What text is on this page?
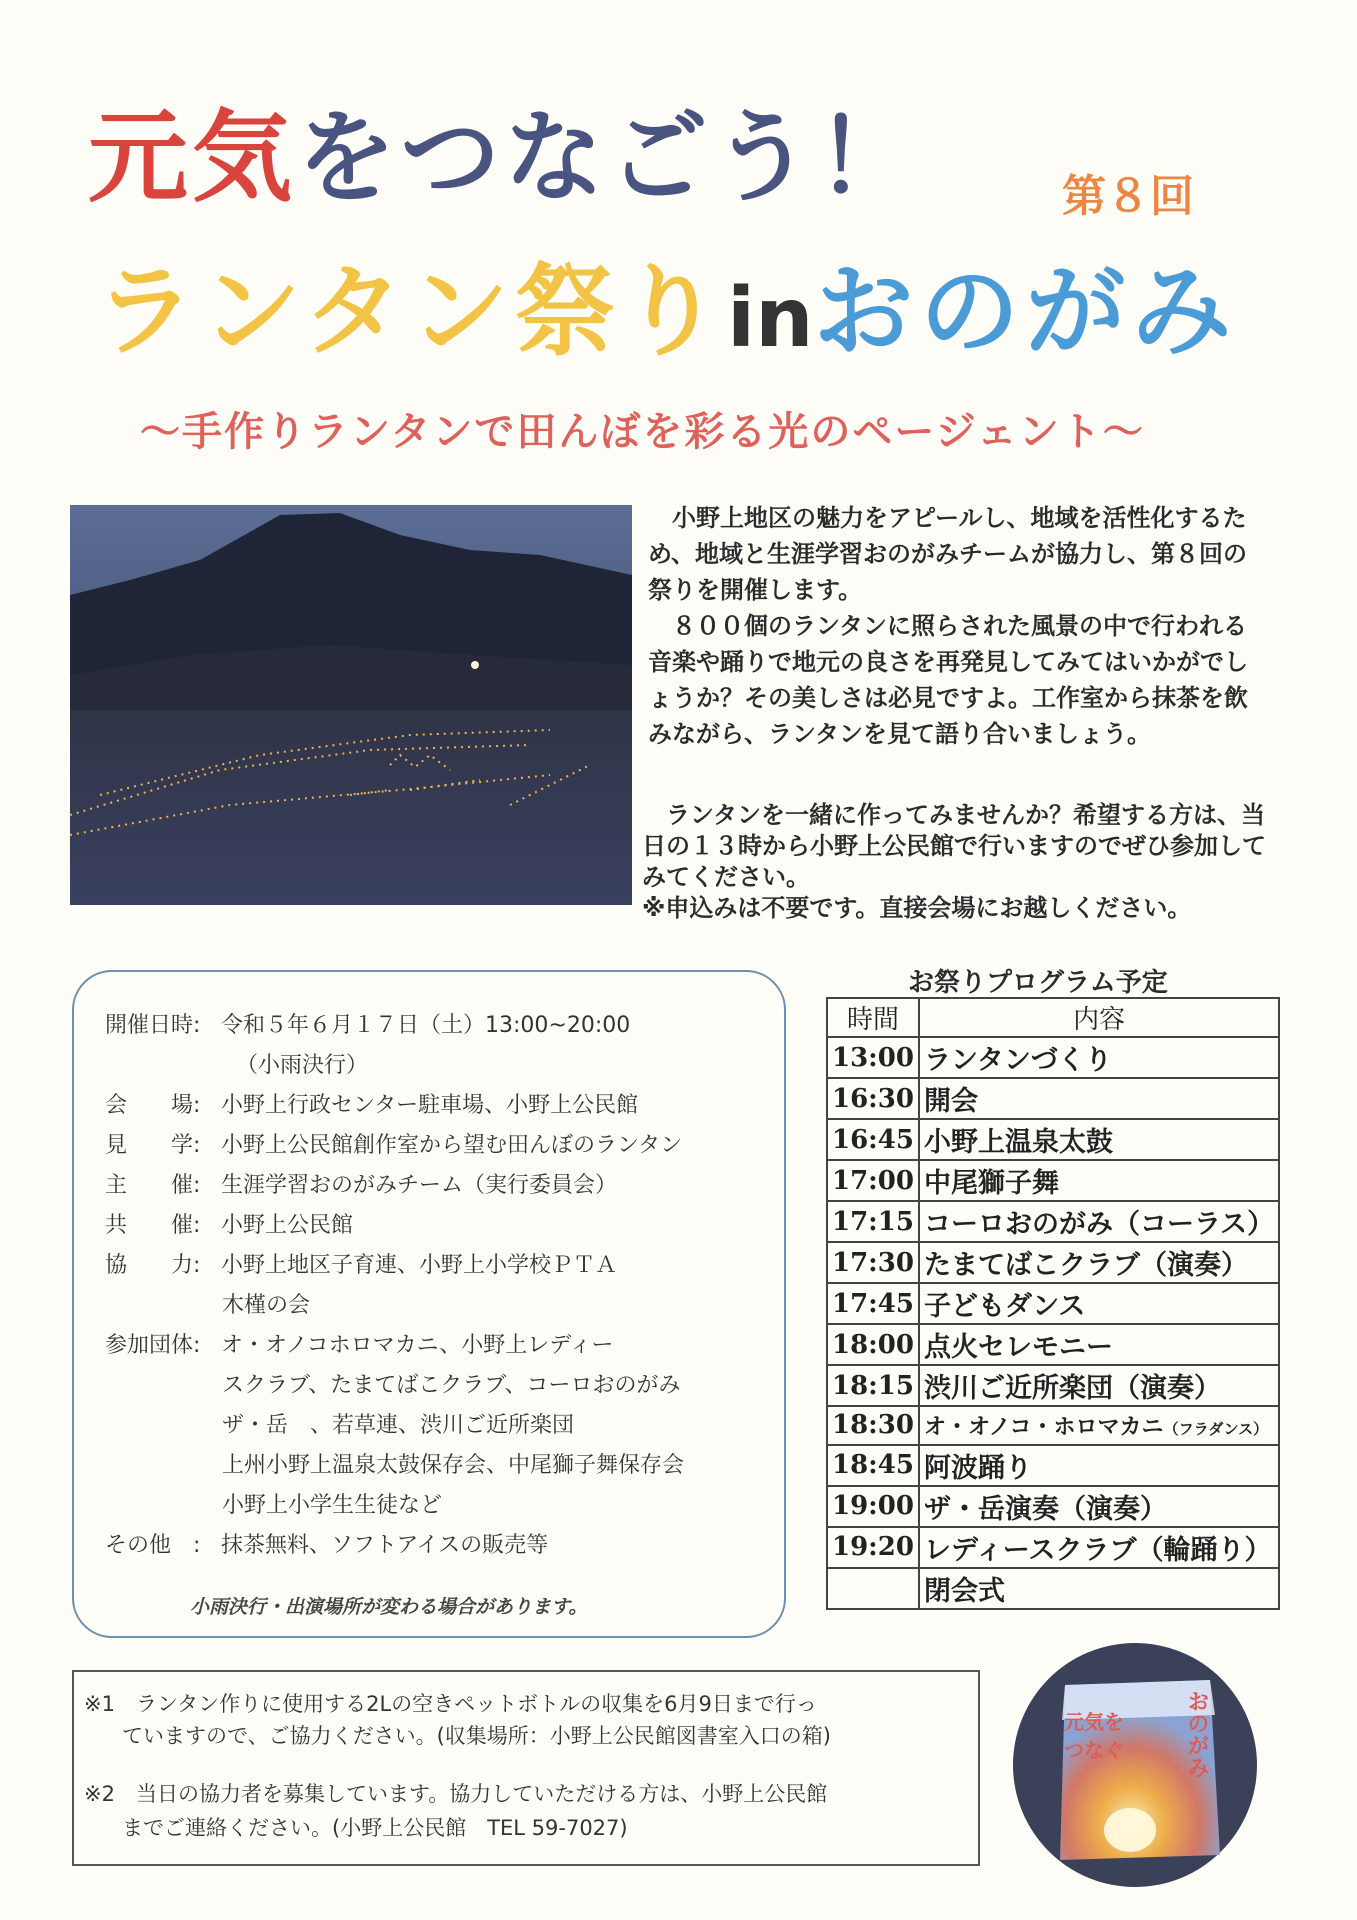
元気をつなごう！	第８回
ランタン祭りinおのがみ
〜手作りランタンで田んぼを彩る光のページェント〜

小野上地区の魅力をアピールし、地域を活性化するため、地域と生涯学習おのがみチームが協力し、第８回の祭りを開催します。

８００個のランタンに照らされた風景の中で行われる音楽や踊りで地元の良さを再発見してみてはいかがでしょうか？その美しさは必見ですよ。工作室から抹茶を飲みながら、ランタンを見て語り合いましょう。

ランタンを一緒に作ってみませんか？希望する方は、当日の１３時から小野上公民館で行いますのでぜひ参加してみてください。

※申込みは不要です。直接会場にお越しください。

開催日時: 令和５年６月１７日（土）13:00~20:00
（小雨決行）
会　　場: 小野上行政センター駐車場、小野上公民館
見　　学: 小野上公民館創作室から望む田んぼのランタン
主　　催: 生涯学習おのがみチーム（実行委員会）
共　　催: 小野上公民館
協　　力: 小野上地区子育連、小野上小学校ＰＴＡ
木槿の会
参加団体: オ・オノコホロマカニ、小野上レディー
スクラブ、たまてばこクラブ、コーロおのがみ
ザ・岳　、若草連、渋川ご近所楽団
上州小野上温泉太鼓保存会、中尾獅子舞保存会
小野上小学生生徒など
その他　: 抹茶無料、ソフトアイスの販売等
小雨決行・出演場所が変わる場合があります。
お祭りプログラム予定
時間	内容
13:00	ランタンづくり
16:30	開会
16:45	小野上温泉太鼓
17:00	中尾獅子舞
17:15	コーロおのがみ（コーラス）
17:30	たまてばこクラブ（演奏）
17:45	子どもダンス
18:00	点火セレモニー
18:15	渋川ご近所楽団（演奏）
18:30	オ・オノコ・ホロマカニ（フラダンス）
18:45	阿波踊り
19:00	ザ・岳演奏（演奏）
19:20	レディースクラブ（輪踊り）
	閉会式
※1　ランタン作りに使用する2Lの空きペットボトルの収集を6月9日まで行っ
ていますので、ご協力ください。(収集場所：小野上公民館図書室入口の箱)
※2　当日の協力者を募集しています。協力していただける方は、小野上公民館
までご連絡ください。(小野上公民館　TEL 59-7027)
元気を
つなぐ	おのがみ
